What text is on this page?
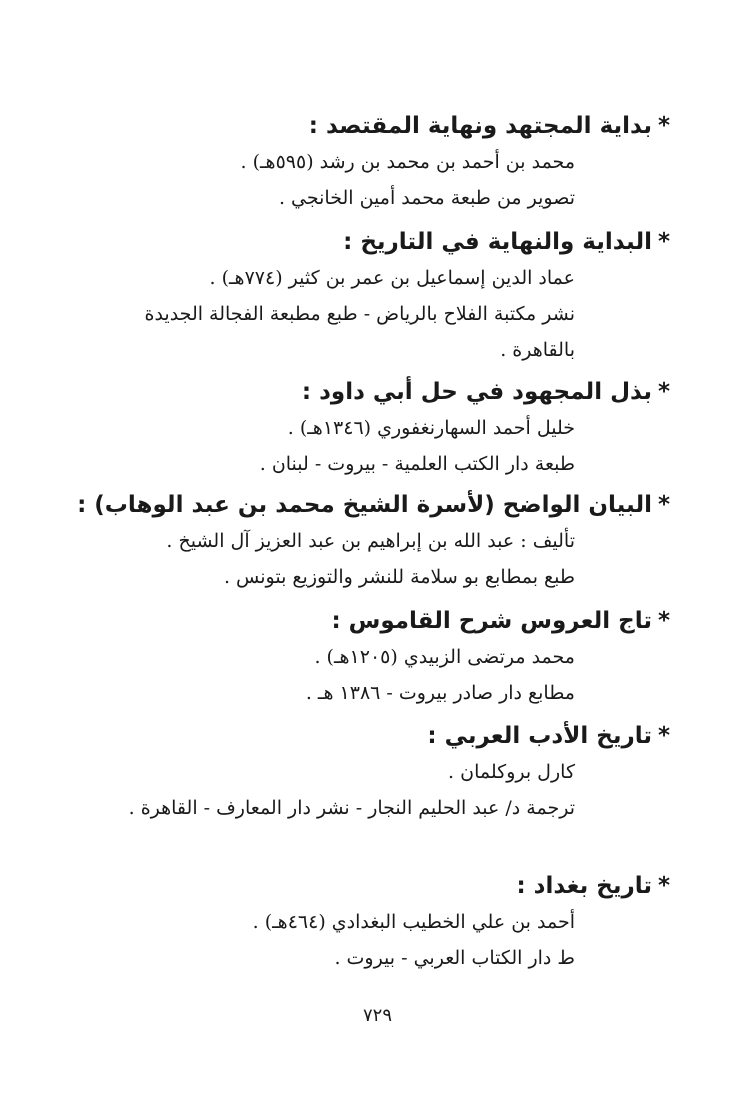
*بداية المجتهد ونهاية المقتصد :
محمد بن أحمد بن محمد بن رشد (٥٩٥هـ) .
تصوير من طبعة محمد أمين الخانجي .
*البداية والنهاية في التاريخ :
عماد الدين إسماعيل بن عمر بن كثير (٧٧٤هـ) .
نشر مكتبة الفلاح بالرياض - طبع مطبعة الفجالة الجديدة بالقاهرة .
*بذل المجهود في حل أبي داود :
خليل أحمد السهارنغفوري (١٣٤٦هـ) .
طبعة دار الكتب العلمية - بيروت - لبنان .
*البيان الواضح (لأسرة الشيخ محمد بن عبد الوهاب) :
تأليف : عبد الله بن إبراهيم بن عبد العزيز آل الشيخ .
طبع بمطابع بو سلامة للنشر والتوزيع بتونس .
*تاج العروس شرح القاموس :
محمد مرتضى الزبيدي (١٢٠٥هـ) .
مطابع دار صادر بيروت - ١٣٨٦ هـ .
*تاريخ الأدب العربي :
كارل بروكلمان .
ترجمة د/ عبد الحليم النجار - نشر دار المعارف - القاهرة .
*تاريخ بغداد :
أحمد بن علي الخطيب البغدادي (٤٦٤هـ) .
ط دار الكتاب العربي - بيروت .
٧٢٩
